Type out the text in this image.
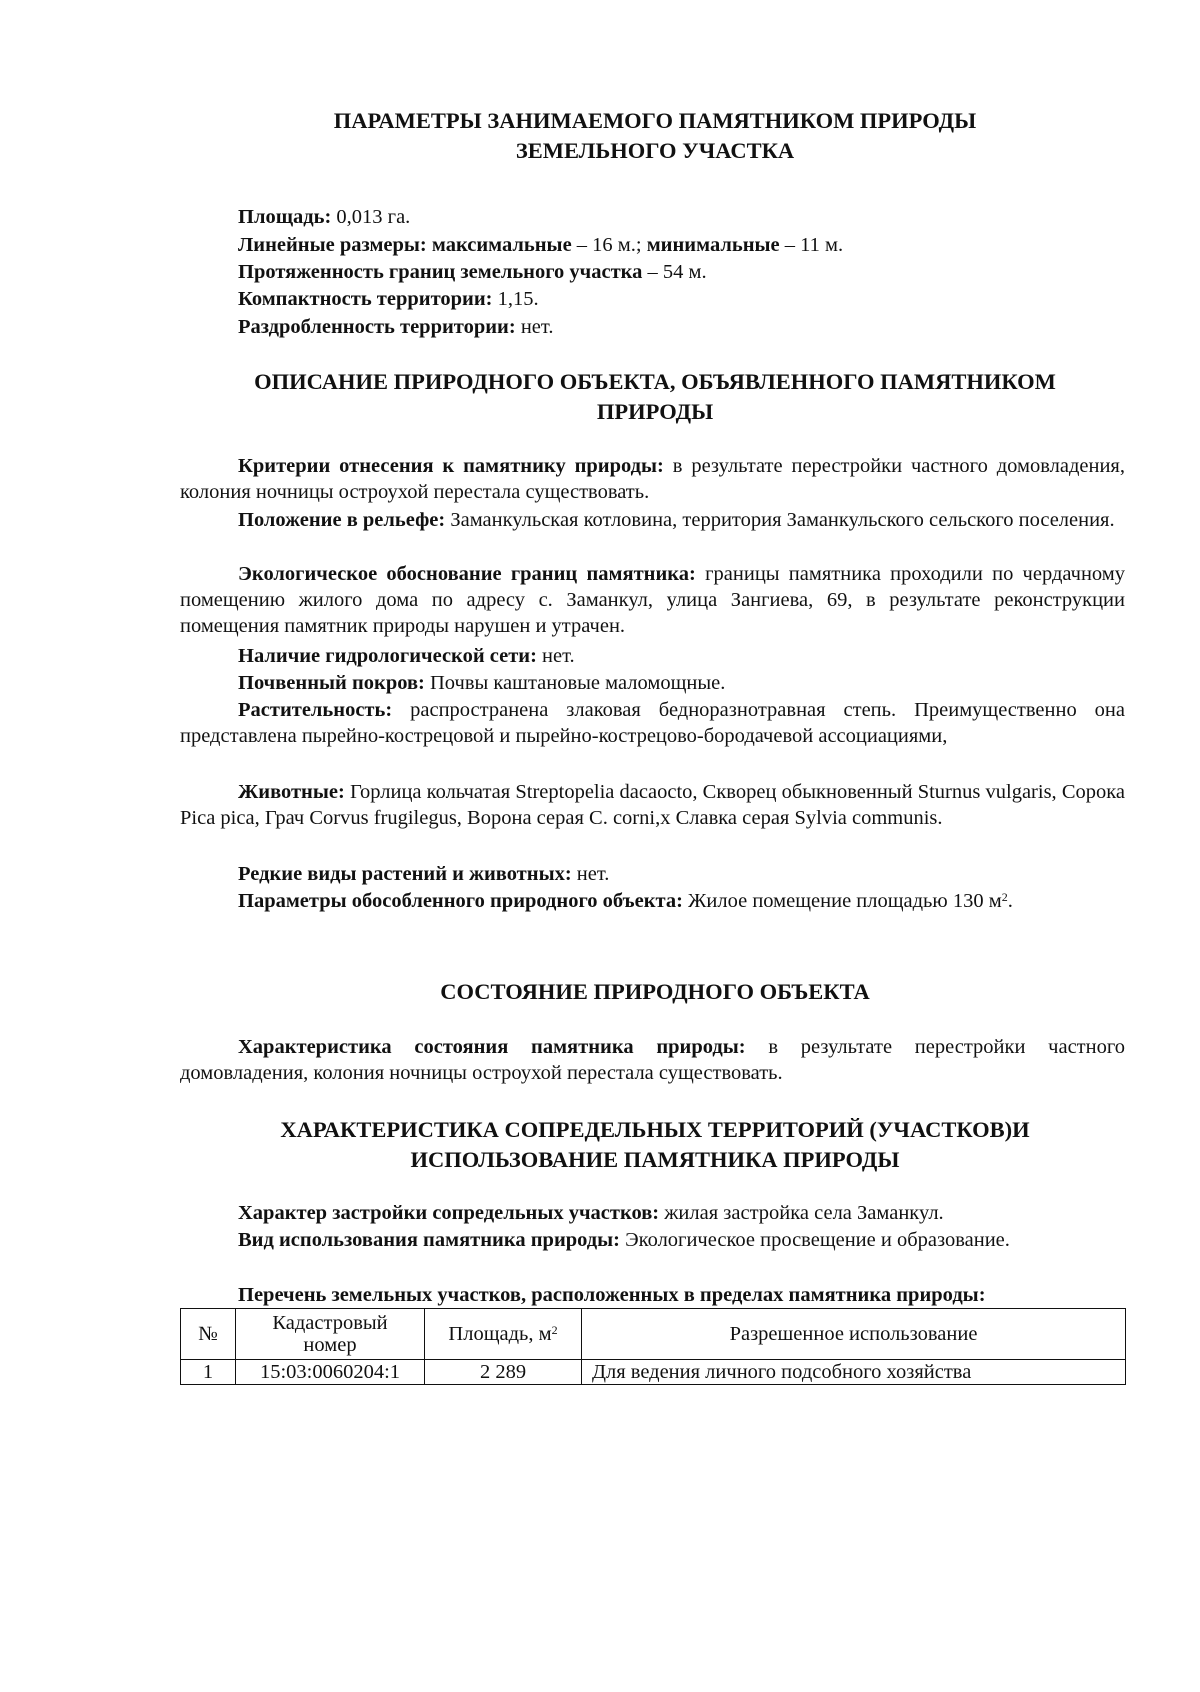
ПАРАМЕТРЫ ЗАНИМАЕМОГО ПАМЯТНИКОМ ПРИРОДЫ
ЗЕМЕЛЬНОГО УЧАСТКА
Площадь: 0,013 га.
Линейные размеры: максимальные – 16 м.; минимальные – 11 м.
Протяженность границ земельного участка – 54 м.
Компактность территории: 1,15.
Раздробленность территории: нет.
ОПИСАНИЕ ПРИРОДНОГО ОБЪЕКТА, ОБЪЯВЛЕННОГО ПАМЯТНИКОМ
ПРИРОДЫ
Критерии отнесения к памятнику природы: в результате перестройки частного домовладения, колония ночницы остроухой перестала существовать.
Положение в рельефе: Заманкульская котловина, территория Заманкульского сельского поселения.
Экологическое обоснование границ памятника: границы памятника проходили по чердачному помещению жилого дома по адресу с. Заманкул, улица Зангиева, 69, в результате реконструкции помещения памятник природы нарушен и утрачен.
Наличие гидрологической сети: нет.
Почвенный покров: Почвы каштановые маломощные.
Растительность: распространена злаковая бедноразнотравная степь. Преимущественно она представлена пырейно-кострецовой и пырейно-кострецово-бородачевой ассоциациями,
Животные: Горлица кольчатая Streptopelia dacaocto, Скворец обыкновенный Sturnus vulgaris, Сорока Pica pica, Грач Corvus frugilegus, Ворона серая C. corni,x Славка серая Sylvia communis.
Редкие виды растений и животных: нет.
Параметры обособленного природного объекта: Жилое помещение площадью 130 $м^2$.
СОСТОЯНИЕ ПРИРОДНОГО ОБЪЕКТА
Характеристика состояния памятника природы: в результате перестройки частного домовладения, колония ночницы остроухой перестала существовать.
ХАРАКТЕРИСТИКА СОПРЕДЕЛЬНЫХ ТЕРРИТОРИЙ (УЧАСТКОВ)И
ИСПОЛЬЗОВАНИЕ ПАМЯТНИКА ПРИРОДЫ
Характер застройки сопредельных участков: жилая застройка села Заманкул.
Вид использования памятника природы: Экологическое просвещение и образование.
Перечень земельных участков, расположенных в пределах памятника природы:
№	Кадастровый номер	Площадь, $м^2$	Разрешенное использование
1	15:03:0060204:1	2 289	Для ведения личного подсобного хозяйства
